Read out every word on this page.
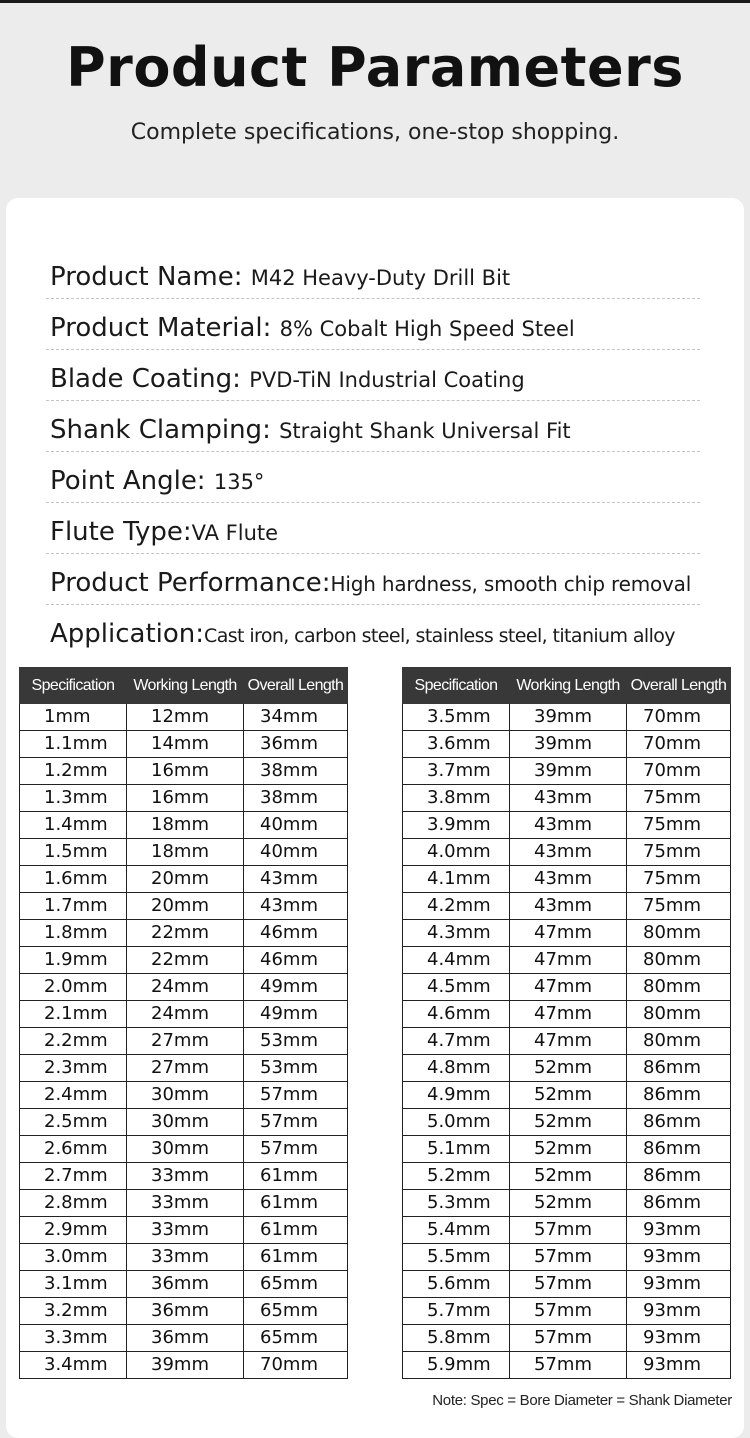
Product Parameters
Complete specifications, one-stop shopping.
Product Name: M42 Heavy-Duty Drill Bit
Product Material: 8% Cobalt High Speed Steel
Blade Coating: PVD-TiN Industrial Coating
Shank Clamping: Straight Shank Universal Fit
Point Angle: 135°
Flute Type:VA Flute
Product Performance:High hardness, smooth chip removal
Application:Cast iron, carbon steel, stainless steel, titanium alloy
Specification	Working Length	Overall Length
1mm	12mm	34mm
1.1mm	14mm	36mm
1.2mm	16mm	38mm
1.3mm	16mm	38mm
1.4mm	18mm	40mm
1.5mm	18mm	40mm
1.6mm	20mm	43mm
1.7mm	20mm	43mm
1.8mm	22mm	46mm
1.9mm	22mm	46mm
2.0mm	24mm	49mm
2.1mm	24mm	49mm
2.2mm	27mm	53mm
2.3mm	27mm	53mm
2.4mm	30mm	57mm
2.5mm	30mm	57mm
2.6mm	30mm	57mm
2.7mm	33mm	61mm
2.8mm	33mm	61mm
2.9mm	33mm	61mm
3.0mm	33mm	61mm
3.1mm	36mm	65mm
3.2mm	36mm	65mm
3.3mm	36mm	65mm
3.4mm	39mm	70mm
Specification	Working Length	Overall Length
3.5mm	39mm	70mm
3.6mm	39mm	70mm
3.7mm	39mm	70mm
3.8mm	43mm	75mm
3.9mm	43mm	75mm
4.0mm	43mm	75mm
4.1mm	43mm	75mm
4.2mm	43mm	75mm
4.3mm	47mm	80mm
4.4mm	47mm	80mm
4.5mm	47mm	80mm
4.6mm	47mm	80mm
4.7mm	47mm	80mm
4.8mm	52mm	86mm
4.9mm	52mm	86mm
5.0mm	52mm	86mm
5.1mm	52mm	86mm
5.2mm	52mm	86mm
5.3mm	52mm	86mm
5.4mm	57mm	93mm
5.5mm	57mm	93mm
5.6mm	57mm	93mm
5.7mm	57mm	93mm
5.8mm	57mm	93mm
5.9mm	57mm	93mm
Note: Spec = Bore Diameter = Shank Diameter
